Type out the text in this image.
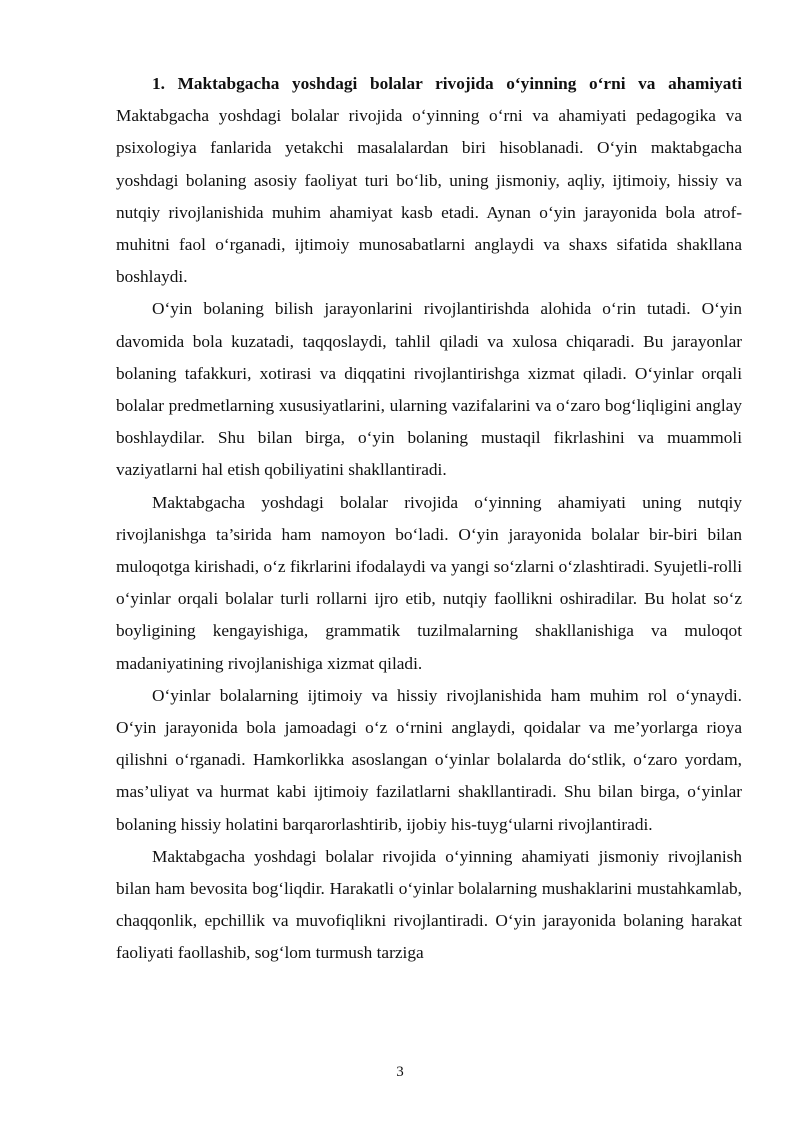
1. Maktabgacha yoshdagi bolalar rivojida o‘yinning o‘rni va ahamiyati

Maktabgacha yoshdagi bolalar rivojida o‘yinning o‘rni va ahamiyati pedagogika va psixologiya fanlarida yetakchi masalalardan biri hisoblanadi. O‘yin maktabgacha yoshdagi bolaning asosiy faoliyat turi bo‘lib, uning jismoniy, aqliy, ijtimoiy, hissiy va nutqiy rivojlanishida muhim ahamiyat kasb etadi. Aynan o‘yin jarayonida bola atrof-muhitni faol o‘rganadi, ijtimoiy munosabatlarni anglaydi va shaxs sifatida shakllana boshlaydi.

O‘yin bolaning bilish jarayonlarini rivojlantirishda alohida o‘rin tutadi. O‘yin davomida bola kuzatadi, taqqoslaydi, tahlil qiladi va xulosa chiqaradi. Bu jarayonlar bolaning tafakkuri, xotirasi va diqqatini rivojlantirishga xizmat qiladi. O‘yinlar orqali bolalar predmetlarning xususiyatlarini, ularning vazifalarini va o‘zaro bog‘liqligini anglay boshlaydilar. Shu bilan birga, o‘yin bolaning mustaqil fikrlashini va muammoli vaziyatlarni hal etish qobiliyatini shakllantiradi.

Maktabgacha yoshdagi bolalar rivojida o‘yinning ahamiyati uning nutqiy rivojlanishga ta’sirida ham namoyon bo‘ladi. O‘yin jarayonida bolalar bir-biri bilan muloqotga kirishadi, o‘z fikrlarini ifodalaydi va yangi so‘zlarni o‘zlashtiradi. Syujetli-rolli o‘yinlar orqali bolalar turli rollarni ijro etib, nutqiy faollikni oshiradilar. Bu holat so‘z boyligining kengayishiga, grammatik tuzilmalarning shakllanishiga va muloqot madaniyatining rivojlanishiga xizmat qiladi.

O‘yinlar bolalarning ijtimoiy va hissiy rivojlanishida ham muhim rol o‘ynaydi. O‘yin jarayonida bola jamoadagi o‘z o‘rnini anglaydi, qoidalar va me’yorlarga rioya qilishni o‘rganadi. Hamkorlikka asoslangan o‘yinlar bolalarda do‘stlik, o‘zaro yordam, mas’uliyat va hurmat kabi ijtimoiy fazilatlarni shakllantiradi. Shu bilan birga, o‘yinlar bolaning hissiy holatini barqarorlashtirib, ijobiy his-tuyg‘ularni rivojlantiradi.

Maktabgacha yoshdagi bolalar rivojida o‘yinning ahamiyati jismoniy rivojlanish bilan ham bevosita bog‘liqdir. Harakatli o‘yinlar bolalarning mushaklarini mustahkamlab, chaqqonlik, epchillik va muvofiqlikni rivojlantiradi. O‘yin jarayonida bolaning harakat faoliyati faollashib, sog‘lom turmush tarziga

3
